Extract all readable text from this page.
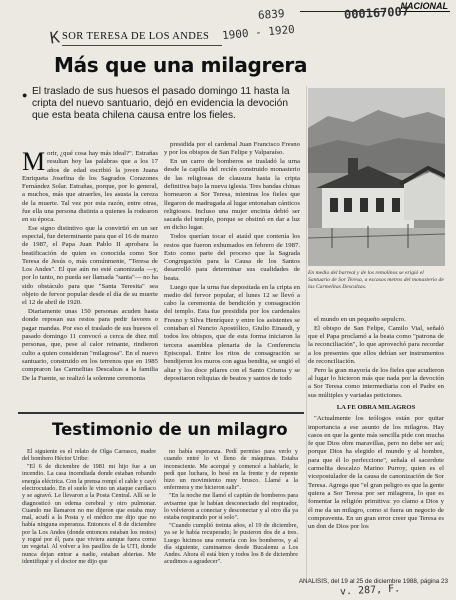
NACIONAL
6839	000167007
1900 - 1920
K
v. 287, F.
SOR TERESA DE LOS ANDES
Más que una milagrera
● El traslado de sus huesos el pasado domingo 11 hasta la cripta del nuevo santuario, dejó en evidencia la devoción que esta beata chilena causa entre los fieles.
M orir, ¿qué cosa hay más ideal?". Estrañas resultan hoy las palabras que a los 17 años de edad escribió la joven Juana Enriqueta Josefina de los Sagrados Corazones Fernández Solar. Estrañas, porque, por lo general, a muchos, más que atraerles, les asusta la cereza de la muerte. Tal vez por esta razón, entre otras, fue ella una persona distinta a quienes la rodearon en su época.

Ese signo distintivo que la convirtió en un ser especial, fue determinante para que el 16 de marzo de 1987, el Papa Juan Pablo II aprobara la beatificación de quien es conocida como Sor Teresa de Jesús o, más comúnmente, "Teresa de Los Andes". El que aún no esté canonizada —y, por lo tanto, no pueda ser llamada "santa"— no ha sido obstáculo para que "Santa Teresita" sea objeto de fervor popular desde el día de su muerte el 12 de abril de 1920.

Diariamente unas 150 personas acuden hasta donde reposan sus restos para pedir favores o pagar mandas. Por eso el traslado de sus huesos el pasado domingo 11 convocó a cerca de diez mil personas, que, pese al calor reinante, rindieron culto a quien consideran "milagrosa". En el nuevo santuario, construido en los terrenos que en 1985 compraron las Carmelitas Descalzas a la familia De la Fuente, se realizó la solemne ceremonia

presidida por el cardenal Juan Francisco Fresno y por los obispos de San Felipe y Valparaíso.

En un carro de bomberos se trasladó la urna desde la capilla del recién construido monasterio de las religiosas de clausura hasta la cripta definitiva bajo la nueva iglesia. Tres bandas chinas hornearon a Sor Teresa, mientras los fieles que llegaron de madrugada al lugar entonaban cánticos religiosos. Incluso una mujer encinta debió ser sacada del templo, porque se obstinó en dar a luz en dicho lugar.

Todos querían tocar el ataúd que contenía los restos que fueron exhumados en febrero de 1987. Esto como parte del proceso que la Sagrada Congregación para la Causa de los Santos desarrolló para determinar sus cualidades de beata.

Luego que la urna fue depositada en la cripta en medio del fervor popular, el lunes 12 se llevó a cabo la ceremonia de bendición y consagración del templo. Esta fue presidida por los cardenales Fresno y Silva Henríquez y entre los asistentes se contaban el Nuncio Apostólico, Giulio Einaudi, y todos los obispos, que de esta forma iniciaron la tercera asamblea plenaria de la Conferencia Episcopal. Entre los ritos de consagración se bendijeron los muros con agua bendita, se ungió el altar y los doce pilares con el Santo Crisma y se depositaron reliquias de beatos y santos de todo

En medio del barreal y de los remolinos se erigió el Santuario de Sor Teresa, a escasos metros del monasterio de las Carmelitas Descalzas.

el mundo en un pequeño sepulcro.

El obispo de San Felipe, Camilo Vial, señaló que el Papa proclamó a la beata como "patrona de la reconciliación", lo que aprovechó para recordar a los presentes que ellos debían ser instrumentos de reconciliación.

Pero la gran mayoría de los fieles que acudieron al lugar lo hicieron más que nada por la devoción a Sor Teresa como intermediaria con el Padre en sus múltiples y variadas peticiones.

LA FE OBRA MILAGROS

"Actualmente los teólogos están por quitar importancia a ese asunto de los milagros. Hay casos en que la gente más sencilla pide con mucha fe que Dios obre maravillas, pero no debe ser así; porque Dios ha elegido el mundo y al hombre, para que él lo perfeccione", señala el sacerdote carmelita descalzo Marino Purroy, quien es el vicepostulador de la causa de canonización de Sor Teresa. Agrega que "el gran peligro es que la gente quiera a Sor Teresa por ser milagrera, lo que es fomentar la religión primitiva: yo clamo a Dios y él me da un milagro, como si fuera un negocio de compraventa. En un gran error creer que Teresa es un don de Dios por los

Testimonio de un milagro

El siguiente es el relato de Olga Carrasco, madre del bombero Héctor Uribe:

"El 6 de diciembre de 1981 mi hijo fue a un incendio. La casa incendiada donde estaban robando energía eléctrica. Con la prensa rompí el cable y cayó electrocutado. En el suelo le vino un ataque cardíaco y se agravó. Le llevaron a la Posta Central. Allí se le diagnosticó un edema cerebral y otro pulmonar. Cuando me llamaron no me dijeron que estaba muy mal, acudí a la Posta y el médico me dijo que no había ninguna esperanza. Entonces el 8 de diciembre por la Los Andes (donde entonces estaban los restos) y rogué por él, para que viviera aunque fuera como un vegetal. Al volver a los pasillos de la UTI, donde nunca dejan entrar a nadie, estaban abiertas. Me identifiqué y el doctor me dijo que

no había esperanza. Pedí permiso para verlo y cuando entré lo vi lleno de máquinas. Estaba inconsciente. Me acerqué y comencé a hablarle, le pedí que luchara, lo besé en la frente y de repente hizo un movimiento muy brusco. Llamé a la enfermera y me hicieron salir".

"En la noche me llamó el capitán de bomberos para avisarme que le habían desconectado del respirador, lo volvieron a conectar y desconectar y al otro día ya estaba respirando por sí solo".

"Cuando cumplió treinta años, el 19 de diciembre, ya se le había recuperado; le pusieron dos de a tres. Luego hicimos una romería con los bomberos, y al día siguiente, caminamos desde Bucalemu a Los Andes. Ahora él está bien y todos los 8 de diciembre acudimos a agradecer".

ANALISIS, del 19 al 25 de diciembre 1988, página 23
